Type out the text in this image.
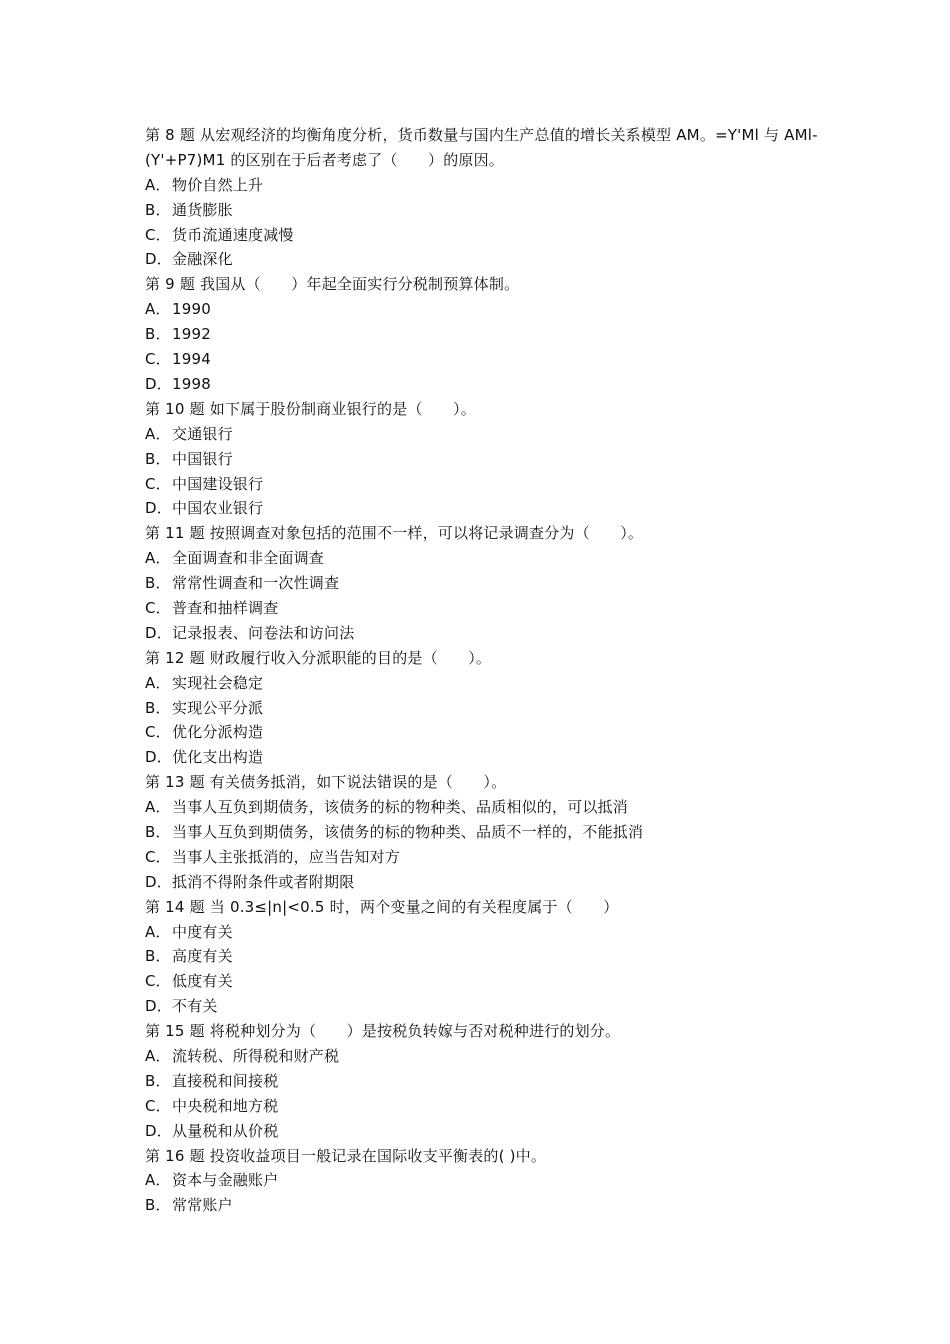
第 8 题 从宏观经济的均衡角度分析，货币数量与国内生产总值的增长关系模型 AM。=Y'Ml 与 AMl-(Y'+P7)M1 的区别在于后者考虑了（　　）的原因。
A．物价自然上升
B．通货膨胀
C．货币流通速度减慢
D．金融深化
第 9 题 我国从（　　）年起全面实行分税制预算体制。
A．1990
B．1992
C．1994
D．1998
第 10 题 如下属于股份制商业银行的是（　　）。
A．交通银行
B．中国银行
C．中国建设银行
D．中国农业银行
第 11 题 按照调查对象包括的范围不一样，可以将记录调查分为（　　）。
A．全面调查和非全面调查
B．常常性调查和一次性调查
C．普查和抽样调查
D．记录报表、问卷法和访问法
第 12 题 财政履行收入分派职能的目的是（　　）。
A．实现社会稳定
B．实现公平分派
C．优化分派构造
D．优化支出构造
第 13 题 有关债务抵消，如下说法错误的是（　　）。
A．当事人互负到期债务，该债务的标的物种类、品质相似的，可以抵消
B．当事人互负到期债务，该债务的标的物种类、品质不一样的，不能抵消
C．当事人主张抵消的，应当告知对方
D．抵消不得附条件或者附期限
第 14 题 当 0.3≤|n|<0.5 时，两个变量之间的有关程度属于（　　）
A．中度有关
B．高度有关
C．低度有关
D．不有关
第 15 题 将税种划分为（　　）是按税负转嫁与否对税种进行的划分。
A．流转税、所得税和财产税
B．直接税和间接税
C．中央税和地方税
D．从量税和从价税
第 16 题 投资收益项目一般记录在国际收支平衡表的( )中。
A．资本与金融账户
B．常常账户
